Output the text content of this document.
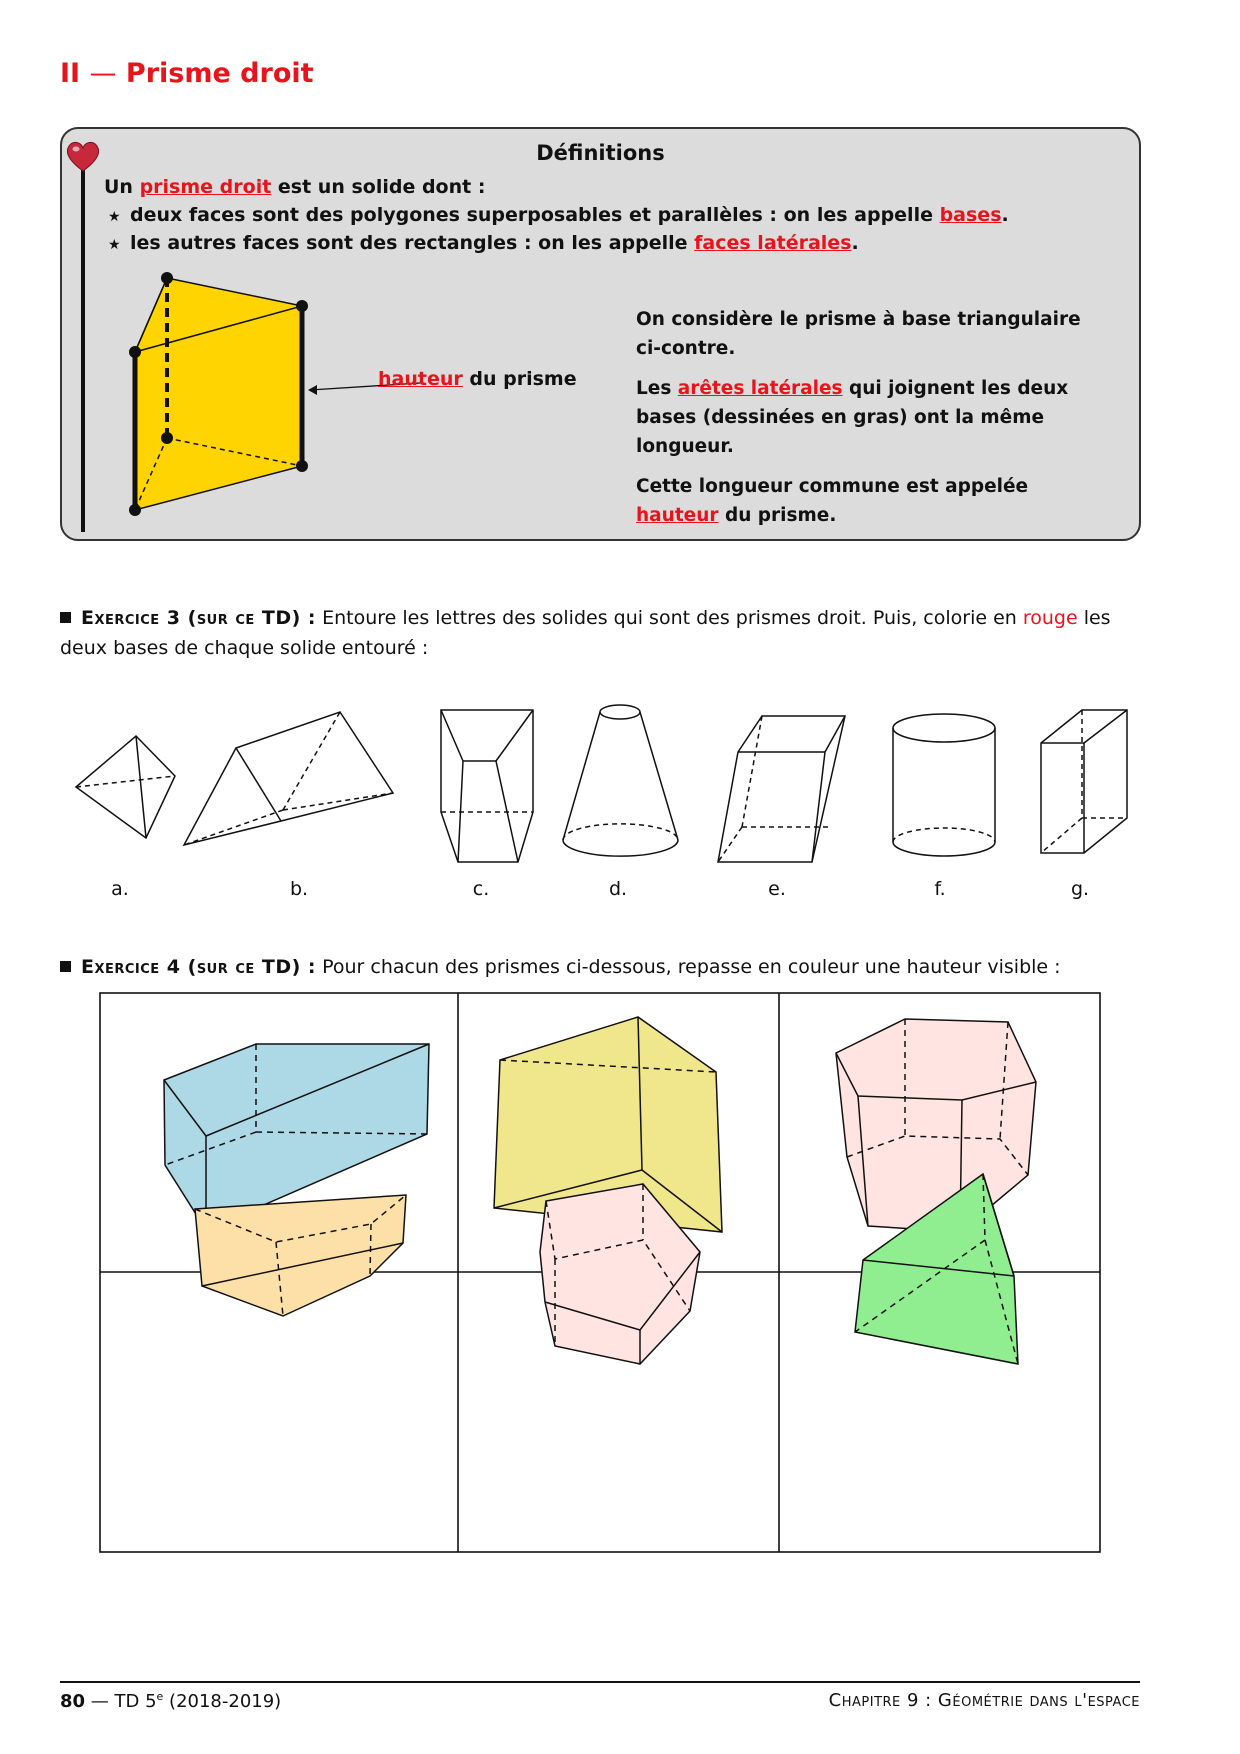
II — Prisme droit
Définitions
Un prisme droit est un solide dont :
★ deux faces sont des polygones superposables et parallèles : on les appelle bases.
★ les autres faces sont des rectangles : on les appelle faces latérales.
hauteur du prisme

On considère le prisme à base triangulaire ci-contre.

Les arêtes latérales qui joignent les deux bases (dessinées en gras) ont la même longueur.

Cette longueur commune est appelée hauteur du prisme.

Exercice 3 (sur ce TD) : Entoure les lettres des solides qui sont des prismes droit. Puis, colorie en rouge les deux bases de chaque solide entouré :
a.	b.	c.	d.	e.	f.	g.
Exercice 4 (sur ce TD) : Pour chacun des prismes ci-dessous, repasse en couleur une hauteur visible :
80 — TD 5e (2018-2019)	Chapitre 9 : Géométrie dans l'espace
